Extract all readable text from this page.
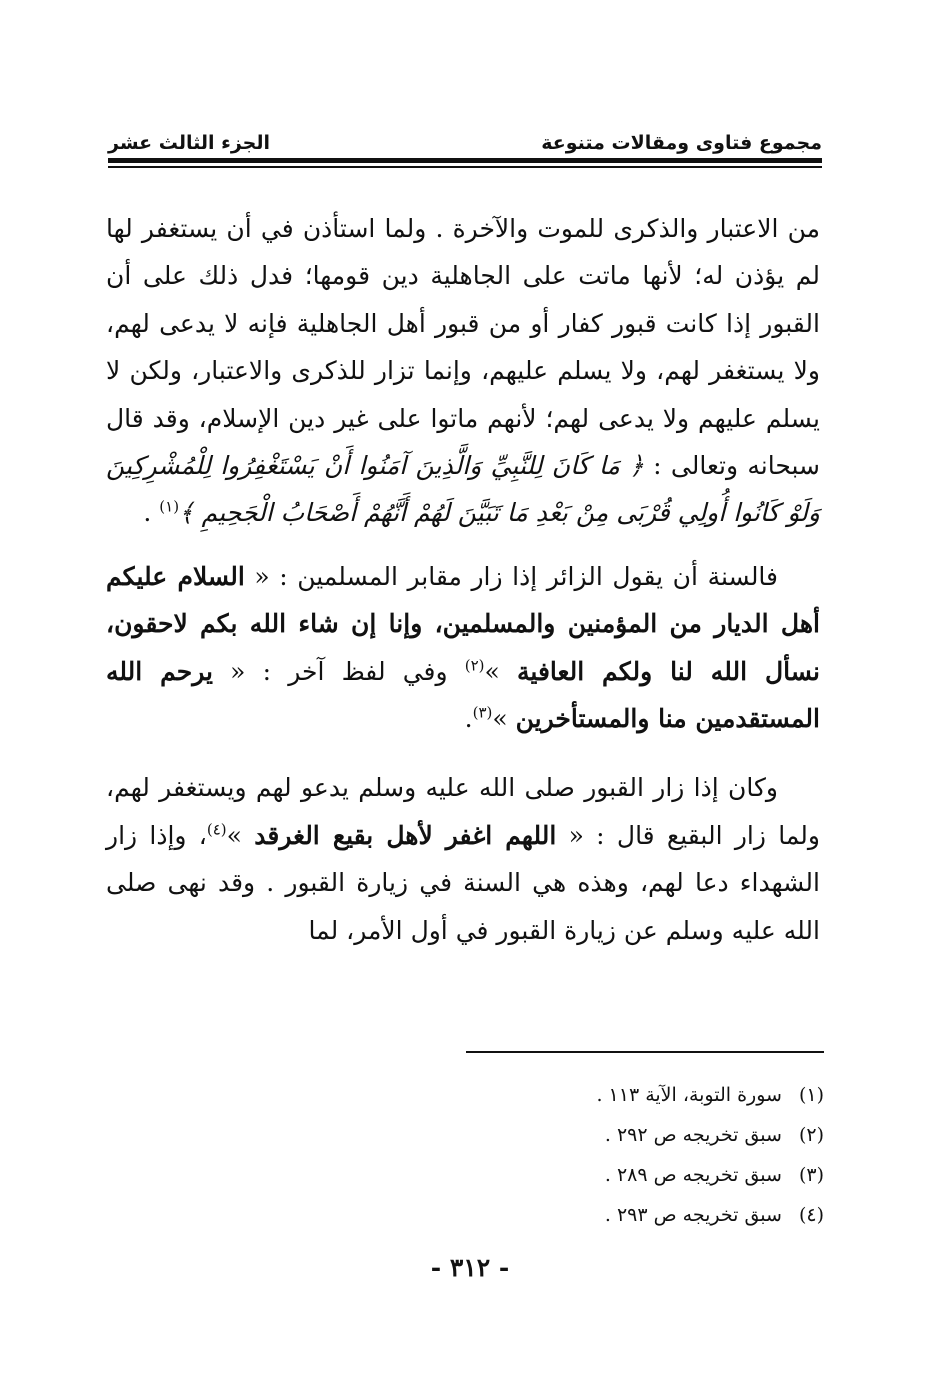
مجموع فتاوى ومقالات متنوعة
الجزء الثالث عشر

من الاعتبار والذكرى للموت والآخرة . ولما استأذن في أن يستغفر لها لم يؤذن له؛ لأنها ماتت على الجاهلية دين قومها؛ فدل ذلك على أن القبور إذا كانت قبور كفار أو من قبور أهل الجاهلية فإنه لا يدعى لهم، ولا يستغفر لهم، ولا يسلم عليهم، وإنما تزار للذكرى والاعتبار، ولكن لا يسلم عليهم ولا يدعى لهم؛ لأنهم ماتوا على غير دين الإسلام، وقد قال سبحانه وتعالى : ﴿ مَا كَانَ لِلنَّبِيِّ وَالَّذِينَ آمَنُوا أَنْ يَسْتَغْفِرُوا لِلْمُشْرِكِينَ وَلَوْ كَانُوا أُولِي قُرْبَى مِنْ بَعْدِ مَا تَبَيَّنَ لَهُمْ أَنَّهُمْ أَصْحَابُ الْجَحِيمِ ﴾$^{(١)}$ .

فالسنة أن يقول الزائر إذا زار مقابر المسلمين : « السلام عليكم أهل الديار من المؤمنين والمسلمين، وإنا إن شاء الله بكم لاحقون، نسأل الله لنا ولكم العافية »$^{(٢)}$ وفي لفظ آخر : « يرحم الله المستقدمين منا والمستأخرين »$^{(٣)}$.

وكان إذا زار القبور صلى الله عليه وسلم يدعو لهم ويستغفر لهم، ولما زار البقيع قال : « اللهم اغفر لأهل بقيع الغرقد »$^{(٤)}$، وإذا زار الشهداء دعا لهم، وهذه هي السنة في زيارة القبور . وقد نهى صلى الله عليه وسلم عن زيارة القبور في أول الأمر، لما

(١) سورة التوبة، الآية ١١٣ .
(٢) سبق تخريجه ص ٢٩٢ .
(٣) سبق تخريجه ص ٢٨٩ .
(٤) سبق تخريجه ص ٢٩٣ .
- ٣١٢ -
